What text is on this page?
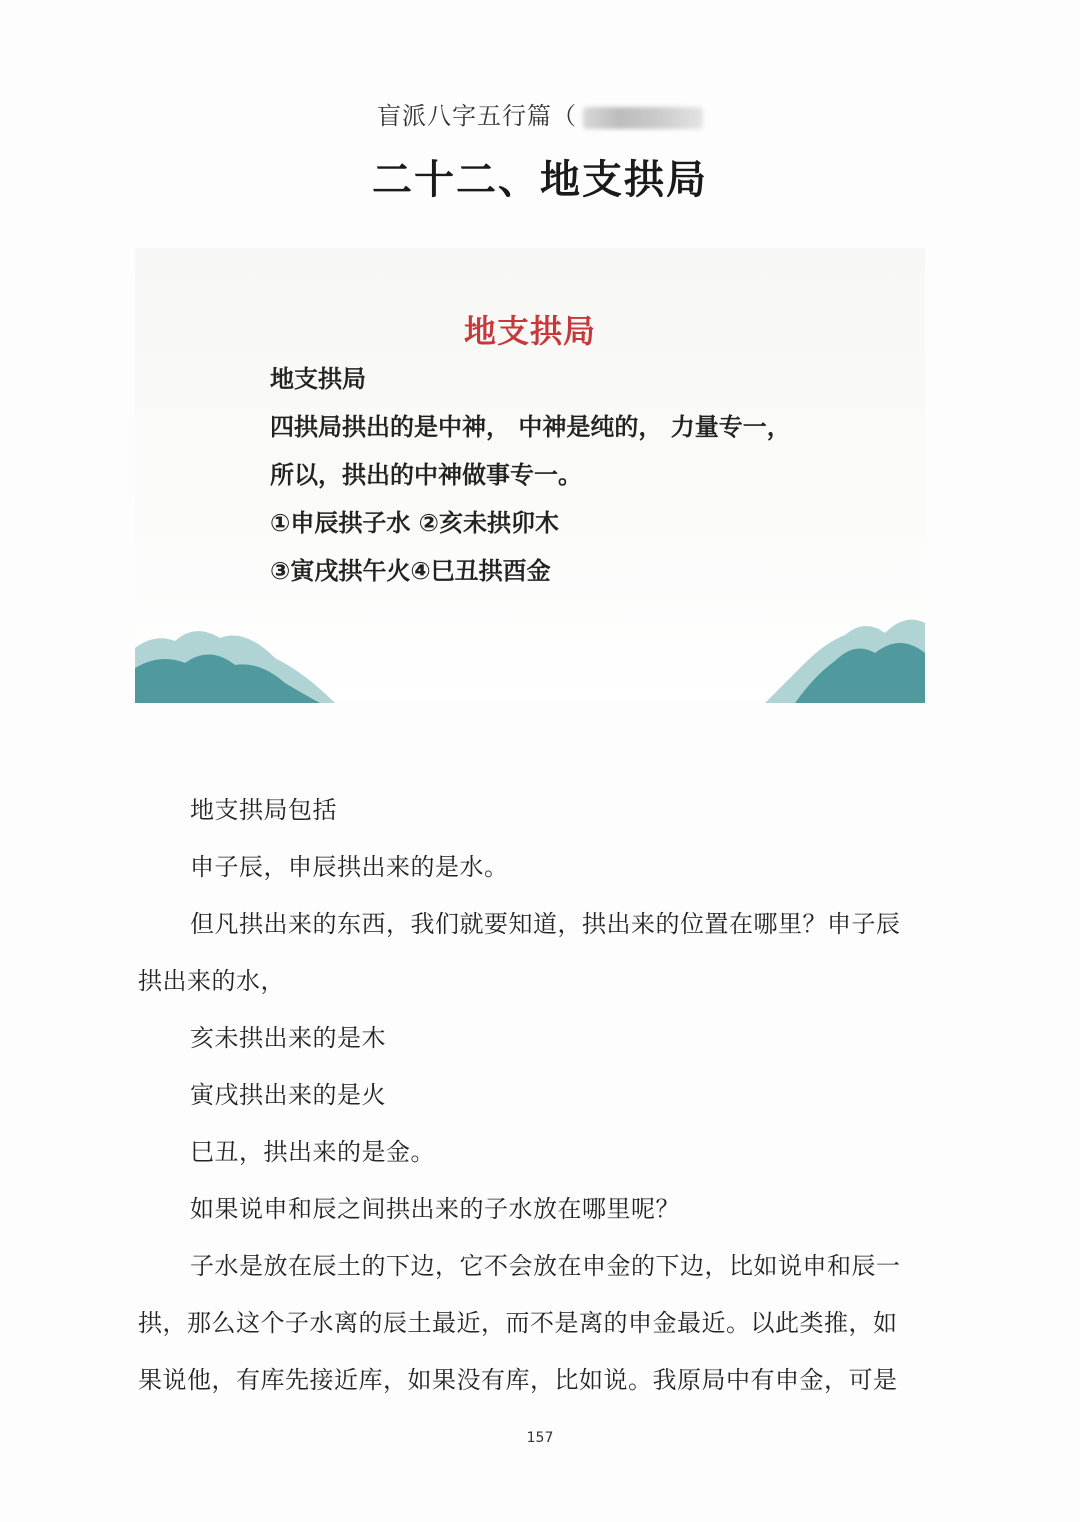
盲派八字五行篇（
二十二、地支拱局
地支拱局
地支拱局
四拱局拱出的是中神， 中神是纯的， 力量专一，
所以，拱出的中神做事专一。
①申辰拱子水 ②亥未拱卯木
③寅戌拱午火④巳丑拱酉金
地支拱局包括
申子辰，申辰拱出来的是水。
但凡拱出来的东西，我们就要知道，拱出来的位置在哪里？申子辰
拱出来的水，
亥未拱出来的是木
寅戌拱出来的是火
巳丑，拱出来的是金。
如果说申和辰之间拱出来的子水放在哪里呢？
子水是放在辰土的下边，它不会放在申金的下边，比如说申和辰一
拱，那么这个子水离的辰土最近，而不是离的申金最近。以此类推，如
果说他，有库先接近库，如果没有库，比如说。我原局中有申金，可是
157
